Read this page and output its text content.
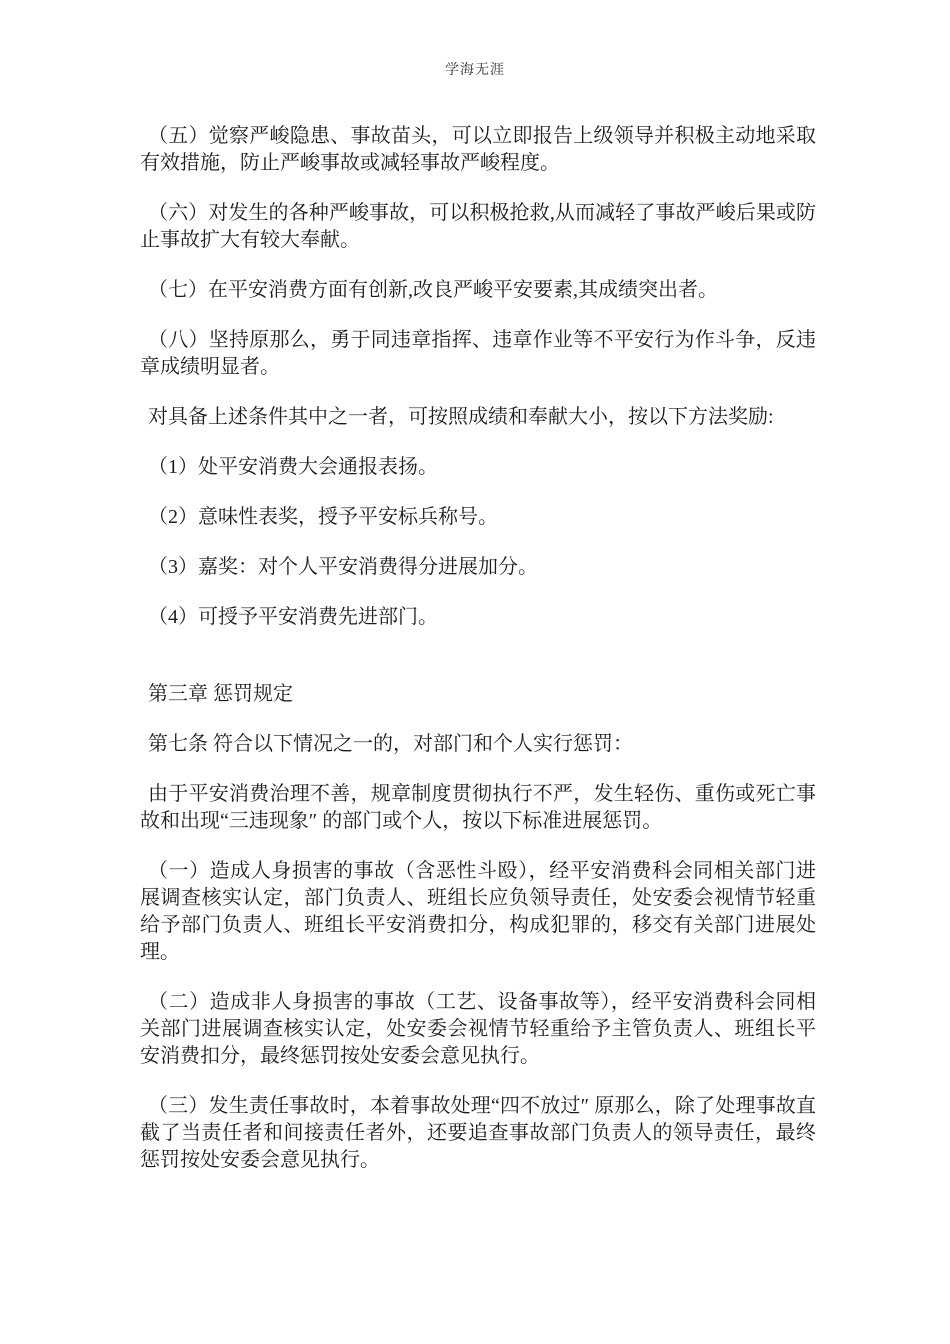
学海无涯

（五）觉察严峻隐患、事故苗头，可以立即报告上级领导并积极主动地采取有效措施，防止严峻事故或减轻事故严峻程度。

（六）对发生的各种严峻事故，可以积极抢救,从而减轻了事故严峻后果或防止事故扩大有较大奉献。

（七）在平安消费方面有创新,改良严峻平安要素,其成绩突出者。

（八）坚持原那么，勇于同违章指挥、违章作业等不平安行为作斗争，反违章成绩明显者。

对具备上述条件其中之一者，可按照成绩和奉献大小，按以下方法奖励:

（1）处平安消费大会通报表扬。

（2）意味性表奖，授予平安标兵称号。

（3）嘉奖：对个人平安消费得分进展加分。

（4）可授予平安消费先进部门。

第三章 惩罚规定

第七条 符合以下情况之一的，对部门和个人实行惩罚：

由于平安消费治理不善，规章制度贯彻执行不严，发生轻伤、重伤或死亡事故和出现“三违现象″ 的部门或个人，按以下标准进展惩罚。

（一）造成人身损害的事故（含恶性斗殴），经平安消费科会同相关部门进展调查核实认定，部门负责人、班组长应负领导责任，处安委会视情节轻重给予部门负责人、班组长平安消费扣分，构成犯罪的，移交有关部门进展处理。

（二）造成非人身损害的事故（工艺、设备事故等），经平安消费科会同相关部门进展调查核实认定，处安委会视情节轻重给予主管负责人、班组长平安消费扣分，最终惩罚按处安委会意见执行。

（三）发生责任事故时，本着事故处理“四不放过″ 原那么，除了处理事故直截了当责任者和间接责任者外，还要追查事故部门负责人的领导责任，最终惩罚按处安委会意见执行。
